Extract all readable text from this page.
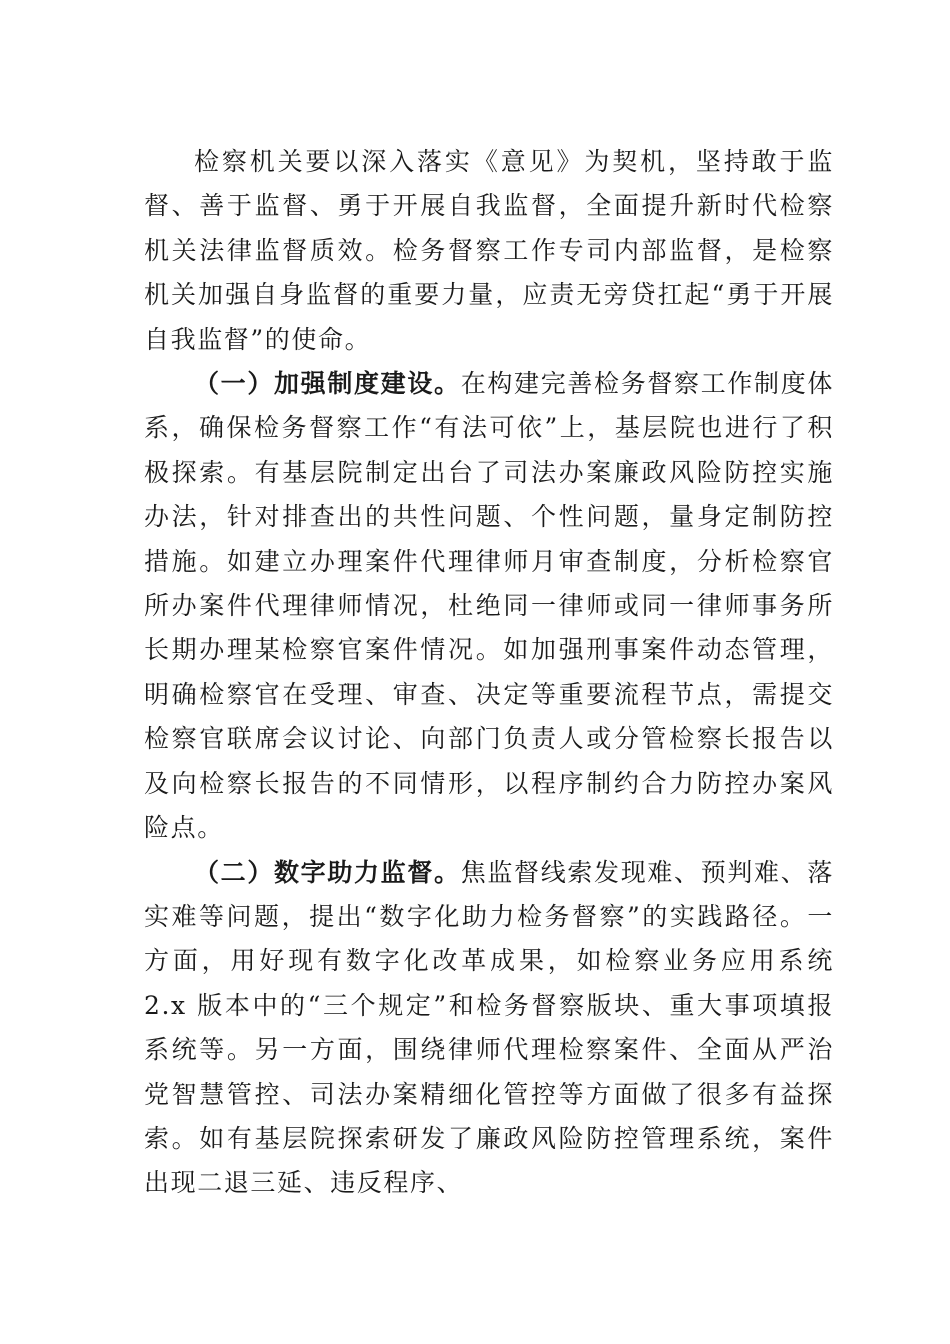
检察机关要以深入落实《意见》为契机，坚持敢于监督、善于监督、勇于开展自我监督，全面提升新时代检察机关法律监督质效。检务督察工作专司内部监督，是检察机关加强自身监督的重要力量，应责无旁贷扛起“勇于开展自我监督”的使命。

（一）加强制度建设。在构建完善检务督察工作制度体系，确保检务督察工作“有法可依”上，基层院也进行了积极探索。有基层院制定出台了司法办案廉政风险防控实施办法，针对排查出的共性问题、个性问题，量身定制防控措施。如建立办理案件代理律师月审查制度，分析检察官所办案件代理律师情况，杜绝同一律师或同一律师事务所长期办理某检察官案件情况。如加强刑事案件动态管理，明确检察官在受理、审查、决定等重要流程节点，需提交检察官联席会议讨论、向部门负责人或分管检察长报告以及向检察长报告的不同情形，以程序制约合力防控办案风险点。

（二）数字助力监督。焦监督线索发现难、预判难、落实难等问题，提出“数字化助力检务督察”的实践路径。一方面，用好现有数字化改革成果，如检察业务应用系统 2.x 版本中的“三个规定”和检务督察版块、重大事项填报系统等。另一方面，围绕律师代理检察案件、全面从严治党智慧管控、司法办案精细化管控等方面做了很多有益探索。如有基层院探索研发了廉政风险防控管理系统，案件出现二退三延、违反程序、
